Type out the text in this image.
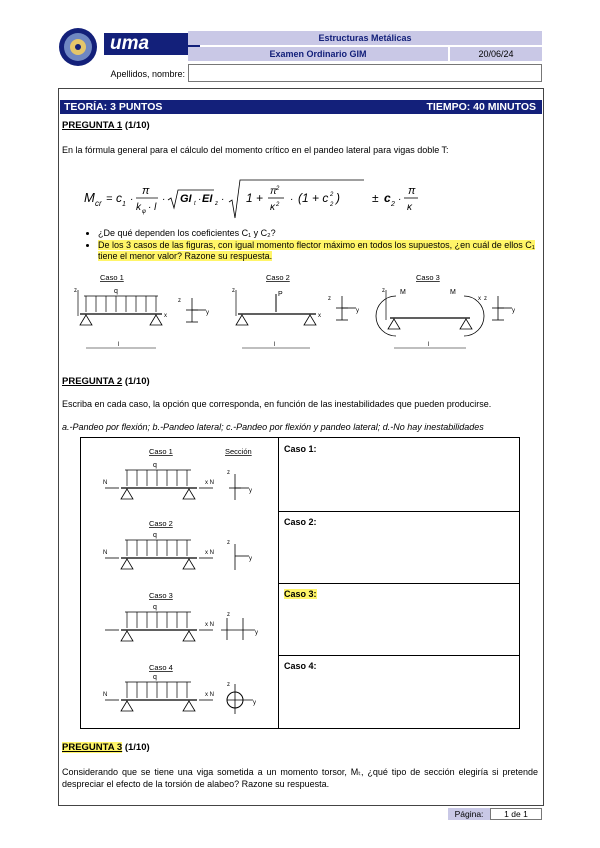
uma	Estructuras Metálicas
Examen Ordinario GIM	20/06/24
Apellidos, nombre:
TEORÍA: 3 PUNTOS	TIEMPO: 40 MINUTOS
PREGUNTA 1 (1/10)
En la fórmula general para el cálculo del momento crítico en el pandeo lateral para vigas doble T:
M cr = c 1 ·
π
k φ · l
· GI t · EI z · 1 + π 2
κ 2 · (1 + c 2
2 )	± c 2 ·
π
κ
• ¿De qué dependen los coeficientes C₁ y C₂?
• De los 3 casos de las figuras, con igual momento flector máximo en todos los supuestos, ¿en cuál de ellos C₁ tiene el menor valor? Razone su respuesta.
Caso 1
q
z
x
l
z
y
Caso 2
P
z
x
l
z
y
Caso 3
M	M
z
x
l
z
y
PREGUNTA 2 (1/10)
Escriba en cada caso, la opción que corresponda, en función de las inestabilidades que pueden producirse.
a.-Pandeo por flexión; b.-Pandeo lateral; c.-Pandeo por flexión y pandeo lateral; d.-No hay inestabilidades
Caso 1:
Caso 2:
Caso 3:
Caso 4:
Caso 1	Sección
q
N	x N
z
y
Caso 2
q
N	x N
z
y
Caso 3
q
x N
z
y
Caso 4
q
N	x N
z
y
PREGUNTA 3 (1/10)
Considerando que se tiene una viga sometida a un momento torsor, Mₜ, ¿qué tipo de sección elegiría si pretende despreciar el efecto de la torsión de alabeo? Razone su respuesta.
Página:	1 de 1
